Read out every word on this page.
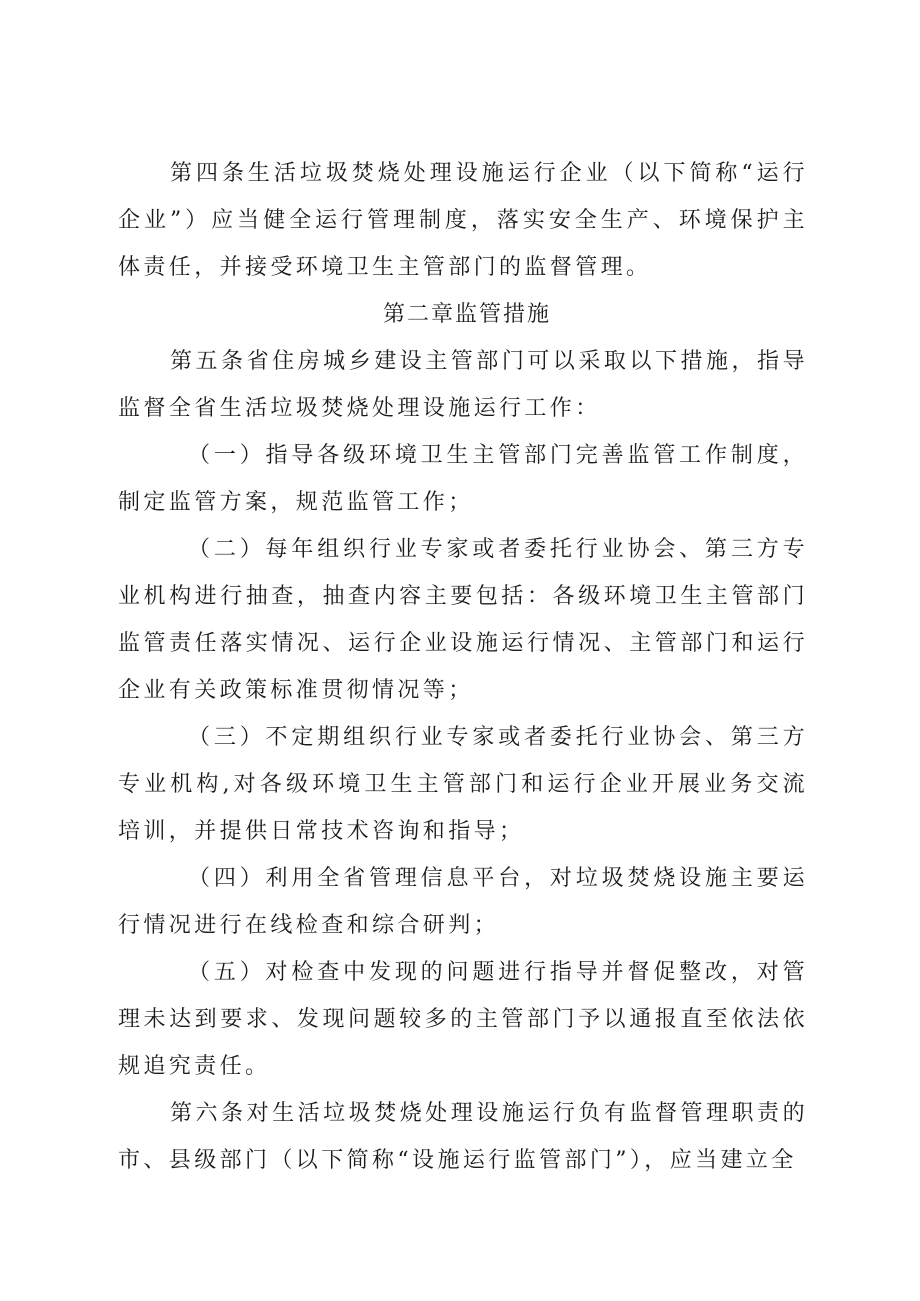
第四条生活垃圾焚烧处理设施运行企业（以下简称“运行企业”）应当健全运行管理制度，落实安全生产、环境保护主体责任，并接受环境卫生主管部门的监督管理。

第二章监管措施

第五条省住房城乡建设主管部门可以采取以下措施，指导监督全省生活垃圾焚烧处理设施运行工作：

（一）指导各级环境卫生主管部门完善监管工作制度，制定监管方案，规范监管工作；

（二）每年组织行业专家或者委托行业协会、第三方专业机构进行抽查，抽查内容主要包括：各级环境卫生主管部门监管责任落实情况、运行企业设施运行情况、主管部门和运行企业有关政策标准贯彻情况等；

（三）不定期组织行业专家或者委托行业协会、第三方专业机构,对各级环境卫生主管部门和运行企业开展业务交流培训，并提供日常技术咨询和指导；

（四）利用全省管理信息平台，对垃圾焚烧设施主要运行情况进行在线检查和综合研判；

（五）对检查中发现的问题进行指导并督促整改，对管理未达到要求、发现问题较多的主管部门予以通报直至依法依规追究责任。

第六条对生活垃圾焚烧处理设施运行负有监督管理职责的市、县级部门（以下简称“设施运行监管部门”），应当建立全
